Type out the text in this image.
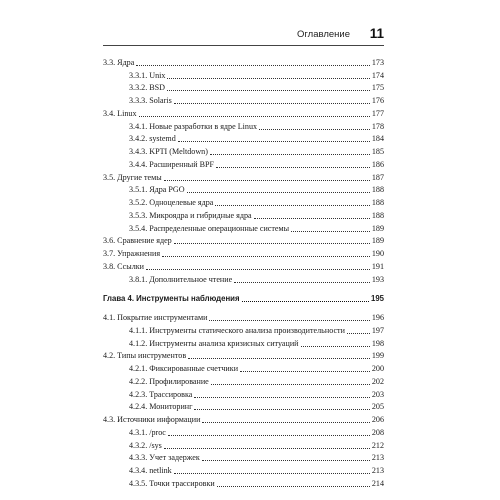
Оглавление 11
3.3. Ядра	173
3.3.1. Unix	174
3.3.2. BSD	175
3.3.3. Solaris	176
3.4. Linux	177
3.4.1. Новые разработки в ядре Linux	178
3.4.2. systemd	184
3.4.3. KPTI (Meltdown)	185
3.4.4. Расширенный BPF	186
3.5. Другие темы	187
3.5.1. Ядра PGO	188
3.5.2. Одноцелевые ядра	188
3.5.3. Микроядра и гибридные ядра	188
3.5.4. Распределенные операционные системы	189
3.6. Сравнение ядер	189
3.7. Упражнения	190
3.8. Ссылки	191
3.8.1. Дополнительное чтение	193
Глава 4. Инструменты наблюдения	195
4.1. Покрытие инструментами	196
4.1.1. Инструменты статического анализа производительности	197
4.1.2. Инструменты анализа кризисных ситуаций	198
4.2. Типы инструментов	199
4.2.1. Фиксированные счетчики	200
4.2.2. Профилирование	202
4.2.3. Трассировка	203
4.2.4. Мониторинг	205
4.3. Источники информации	206
4.3.1. /proc	208
4.3.2. /sys	212
4.3.3. Учет задержек	213
4.3.4. netlink	213
4.3.5. Точки трассировки	214
